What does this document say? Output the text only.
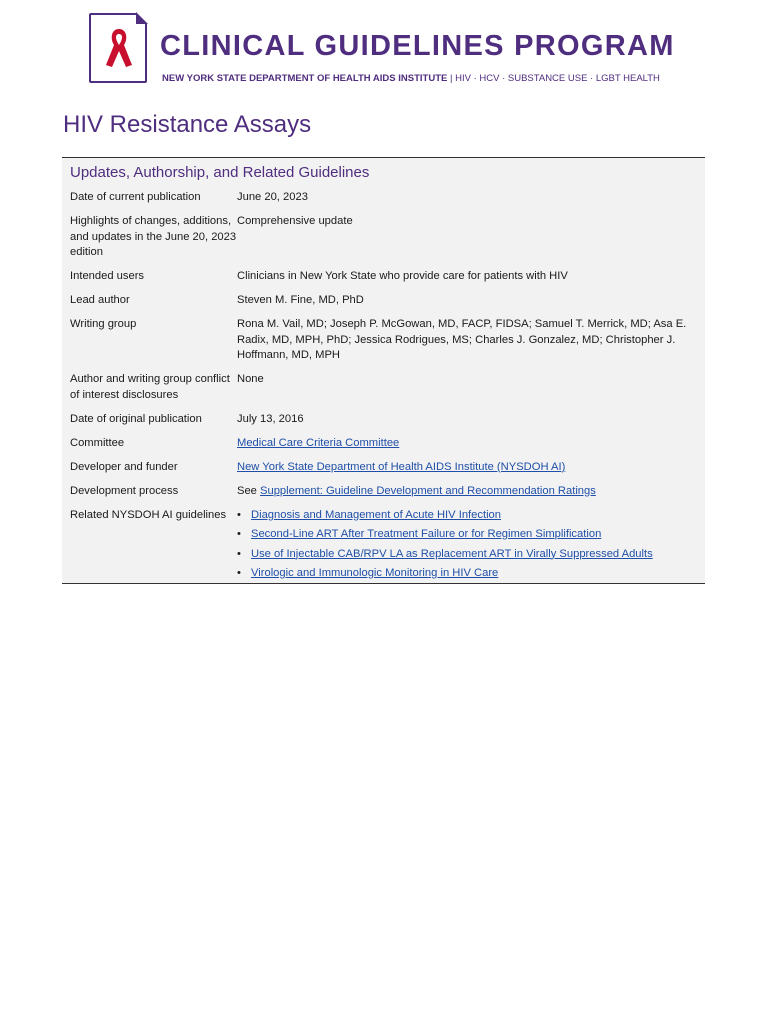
CLINICAL GUIDELINES PROGRAM
NEW YORK STATE DEPARTMENT OF HEALTH AIDS INSTITUTE | HIV · HCV · SUBSTANCE USE · LGBT HEALTH
HIV Resistance Assays
Updates, Authorship, and Related Guidelines
Date of current publication	June 20, 2023
Highlights of changes, additions, and updates in the June 20, 2023 edition
Comprehensive update
Intended users	Clinicians in New York State who provide care for patients with HIV
Lead author	Steven M. Fine, MD, PhD
Writing group	Rona M. Vail, MD; Joseph P. McGowan, MD, FACP, FIDSA; Samuel T. Merrick, MD; Asa E. Radix, MD, MPH, PhD; Jessica Rodrigues, MS; Charles J. Gonzalez, MD; Christopher J. Hoffmann, MD, MPH
Author and writing group conflict of interest disclosures
None
Date of original publication	July 13, 2016
Committee	Medical Care Criteria Committee
Developer and funder	New York State Department of Health AIDS Institute (NYSDOH AI)
Development process	See Supplement: Guideline Development and Recommendation Ratings
Related NYSDOH AI guidelines
•	Diagnosis and Management of Acute HIV Infection
• Second-Line ART After Treatment Failure or for Regimen Simplification
• Use of Injectable CAB/RPV LA as Replacement ART in Virally Suppressed Adults
• Virologic and Immunologic Monitoring in HIV Care
